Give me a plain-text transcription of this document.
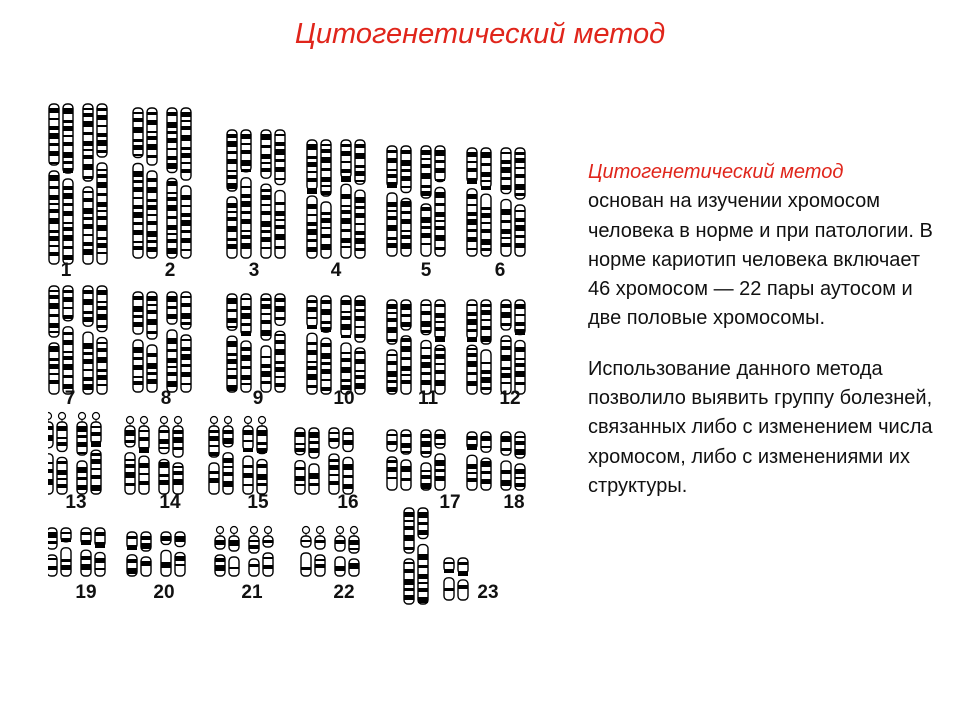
Цитогенетический метод
1	2	3	4	5	6
7	8	9	10	11	12
13	14	15	16	17 18
19	20	21	22	23

Цитогенетический метод
основан на изучении хромосом человека в норме и при патологии. В норме кариотип человека включает 46 хромосом — 22 пары аутосом и две половые хромосомы.

Использование данного метода позволило выявить группу болезней, связанных либо с изменением числа хромосом, либо с изменениями их структуры.
